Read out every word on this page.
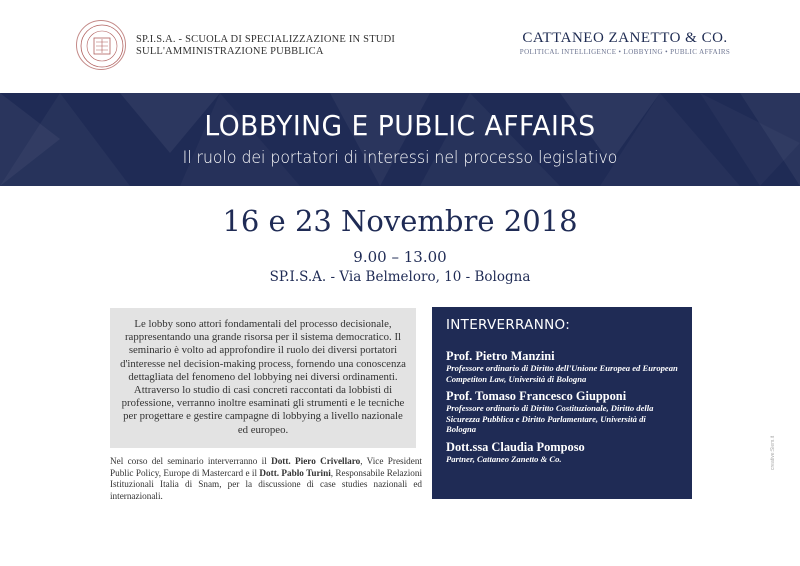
SP.I.S.A. - SCUOLA DI SPECIALIZZAZIONE IN STUDI
SULL'AMMINISTRAZIONE PUBBLICA
CATTANEO ZANETTO & CO.
POLITICAL INTELLIGENCE • LOBBYING • PUBLIC AFFAIRS
LOBBYING E PUBLIC AFFAIRS
Il ruolo dei portatori di interessi nel processo legislativo
16 e 23 Novembre 2018
9.00 – 13.00
SP.I.S.A. - Via Belmeloro, 10 - Bologna
Le lobby sono attori fondamentali del processo decisionale, rappresentando una grande risorsa per il sistema democratico. Il seminario è volto ad approfondire il ruolo dei diversi portatori d'interesse nel decision-making process, fornendo una conoscenza dettagliata del fenomeno del lobbying nei diversi ordinamenti. Attraverso lo studio di casi concreti raccontati da lobbisti di professione, verranno inoltre esaminati gli strumenti e le tecniche per progettare e gestire campagne di lobbying a livello nazionale ed europeo.
Nel corso del seminario interverranno il Dott. Piero Crivellaro, Vice President Public Policy, Europe di Mastercard e il Dott. Pablo Turini, Responsabile Relazioni Istituzionali Italia di Snam, per la discussione di case studies nazionali ed internazionali.
INTERVERRANNO:
Prof. Pietro Manzini
Professore ordinario di Diritto dell'Unione Europea ed European Competiton Law, Università di Bologna
Prof. Tomaso Francesco Giupponi
Professore ordinario di Diritto Costituzionale, Diritto della Sicurezza Pubblica e Diritto Parlamentare, Università di Bologna
Dott.ssa Claudia Pomposo
Partner, Cattaneo Zanetto & Co.	creative:Siem.it
